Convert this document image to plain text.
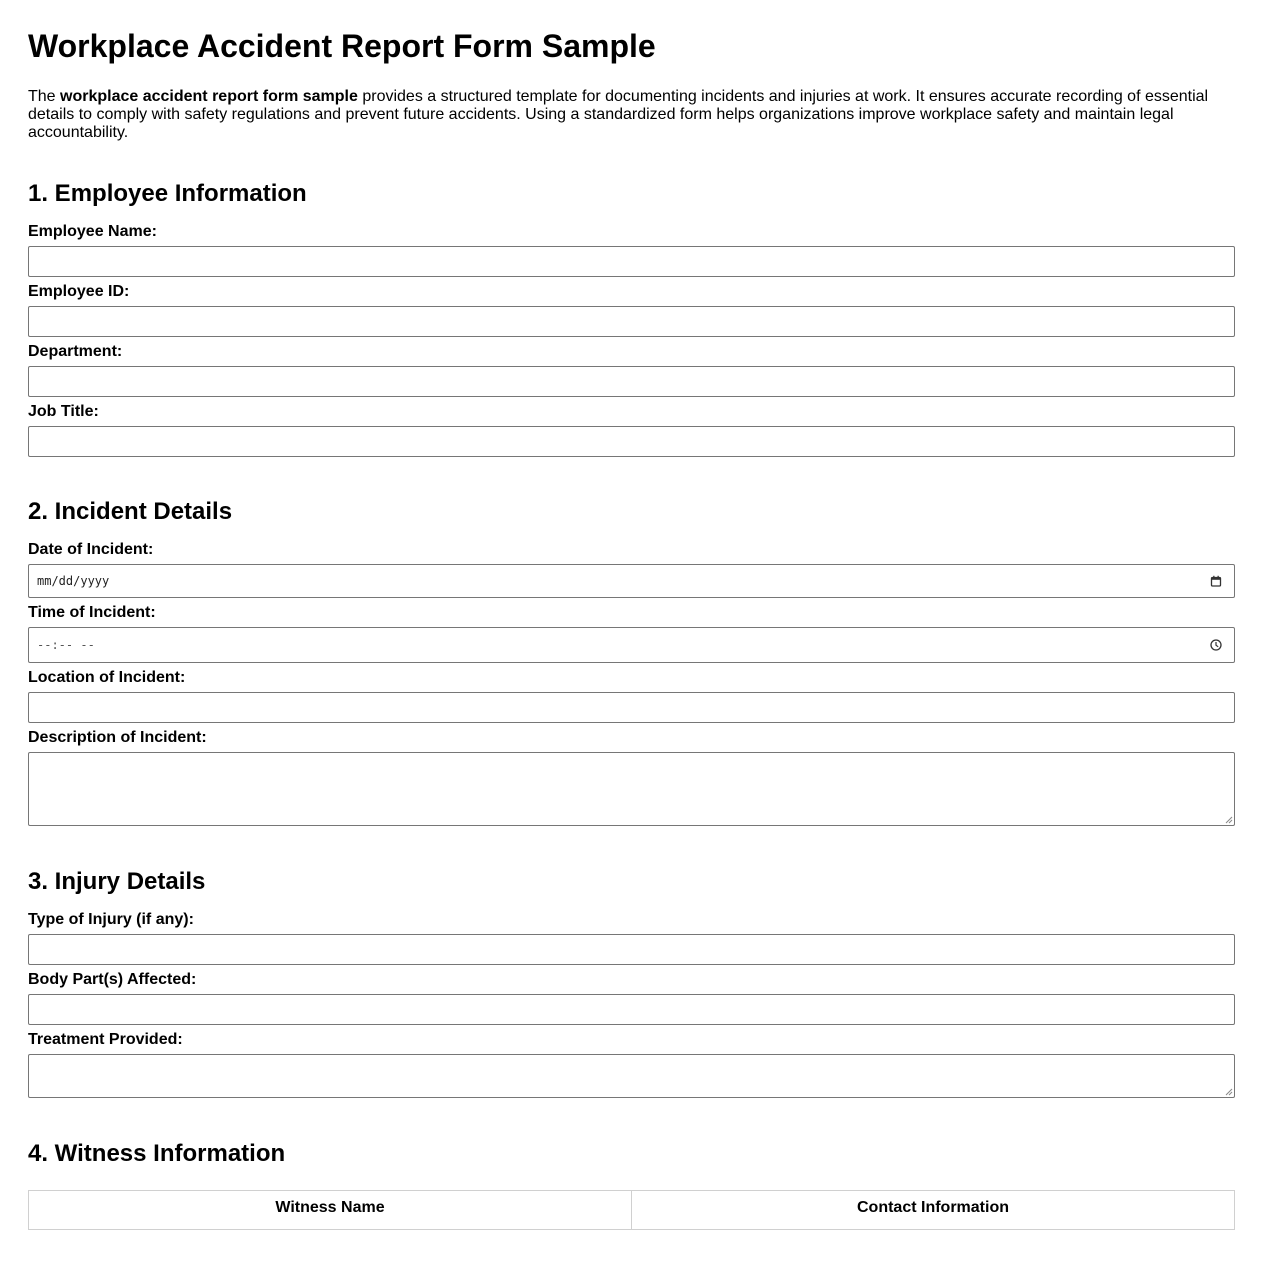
Workplace Accident Report Form Sample

The workplace accident report form sample provides a structured template for documenting incidents and injuries at work. It ensures accurate recording of essential details to comply with safety regulations and prevent future accidents. Using a standardized form helps organizations improve workplace safety and maintain legal accountability.

1. Employee Information
Employee Name:
Employee ID:
Department:
Job Title:
2. Incident Details
Date of Incident:
mm/dd/yyyy
Time of Incident:
--:-- --
Location of Incident:
Description of Incident:
3. Injury Details
Type of Injury (if any):
Body Part(s) Affected:
Treatment Provided:
4. Witness Information
Witness Name	Contact Information
